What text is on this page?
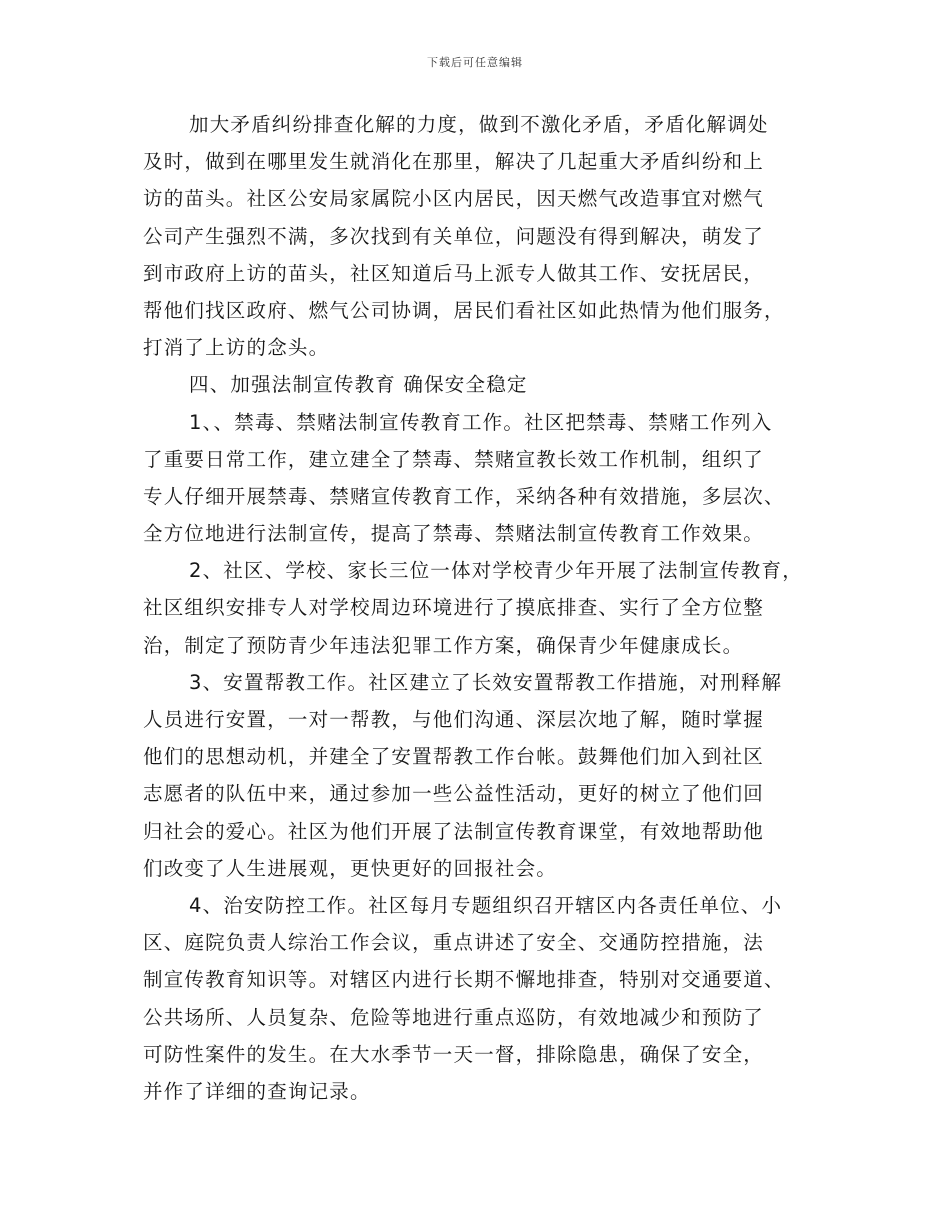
下载后可任意编辑
加大矛盾纠纷排查化解的力度，做到不激化矛盾，矛盾化解调处
及时，做到在哪里发生就消化在那里，解决了几起重大矛盾纠纷和上
访的苗头。社区公安局家属院小区内居民，因天燃气改造事宜对燃气
公司产生强烈不满，多次找到有关单位，问题没有得到解决，萌发了
到市政府上访的苗头，社区知道后马上派专人做其工作、安抚居民，
帮他们找区政府、燃气公司协调，居民们看社区如此热情为他们服务，
打消了上访的念头。
四、加强法制宣传教育 确保安全稳定
1、、禁毒、禁赌法制宣传教育工作。社区把禁毒、禁赌工作列入
了重要日常工作，建立建全了禁毒、禁赌宣教长效工作机制，组织了
专人仔细开展禁毒、禁赌宣传教育工作，采纳各种有效措施，多层次、
全方位地进行法制宣传，提高了禁毒、禁赌法制宣传教育工作效果。
2、社区、学校、家长三位一体对学校青少年开展了法制宣传教育，
社区组织安排专人对学校周边环境进行了摸底排查、实行了全方位整
治，制定了预防青少年违法犯罪工作方案，确保青少年健康成长。
3、安置帮教工作。社区建立了长效安置帮教工作措施，对刑释解
人员进行安置，一对一帮教，与他们沟通、深层次地了解，随时掌握
他们的思想动机，并建全了安置帮教工作台帐。鼓舞他们加入到社区
志愿者的队伍中来，通过参加一些公益性活动，更好的树立了他们回
归社会的爱心。社区为他们开展了法制宣传教育课堂，有效地帮助他
们改变了人生进展观，更快更好的回报社会。
4、治安防控工作。社区每月专题组织召开辖区内各责任单位、小
区、庭院负责人综治工作会议，重点讲述了安全、交通防控措施，法
制宣传教育知识等。对辖区内进行长期不懈地排查，特别对交通要道、
公共场所、人员复杂、危险等地进行重点巡防，有效地减少和预防了
可防性案件的发生。在大水季节一天一督，排除隐患，确保了安全，
并作了详细的查询记录。
